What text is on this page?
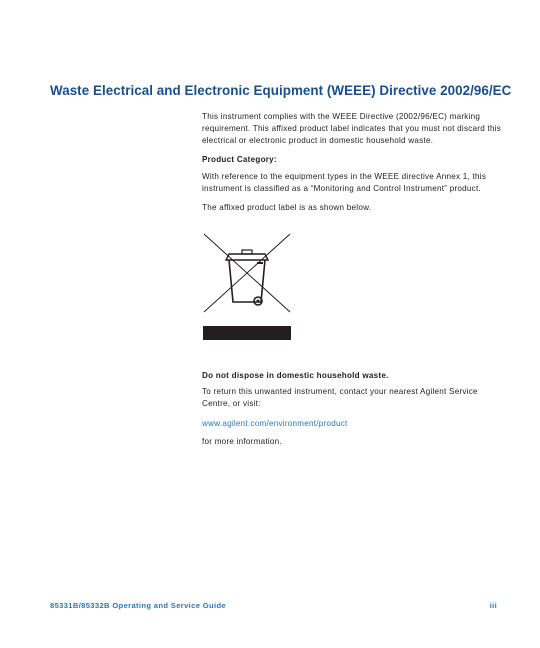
Waste Electrical and Electronic Equipment (WEEE) Directive 2002/96/EC

This instrument complies with the WEEE Directive (2002/96/EC) marking requirement. This affixed product label indicates that you must not discard this electrical or electronic product in domestic household waste.

Product Category:

With reference to the equipment types in the WEEE directive Annex 1, this instrument is classified as a “Monitoring and Control Instrument” product.

The affixed product label is as shown below.

Do not dispose in domestic household waste.

To return this unwanted instrument, contact your nearest Agilent Service Centre, or visit:

www.agilent.com/environment/product

for more information.

85331B/85332B Operating and Service Guide	iii
